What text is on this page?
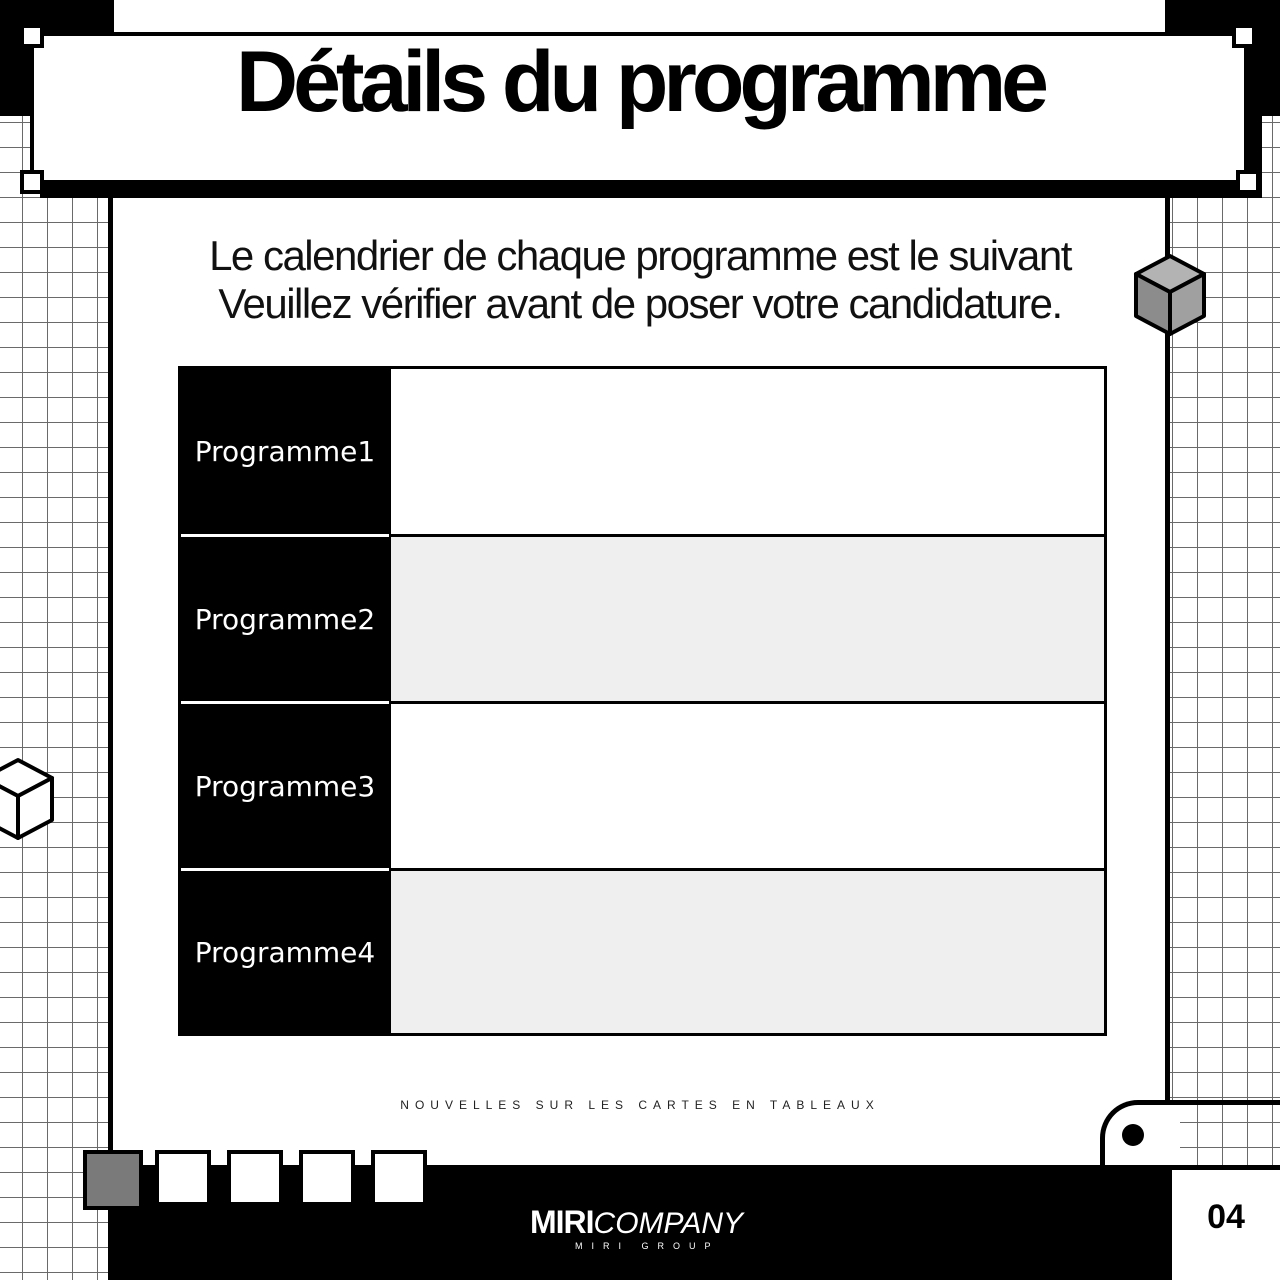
Détails du programme
Le calendrier de chaque programme est le suivant
Veuillez vérifier avant de poser votre candidature.
Programme1
Programme2
Programme3
Programme4
NOUVELLES SUR LES CARTES EN TABLEAUX
04
MIRICOMPANY
MIRI GROUP
